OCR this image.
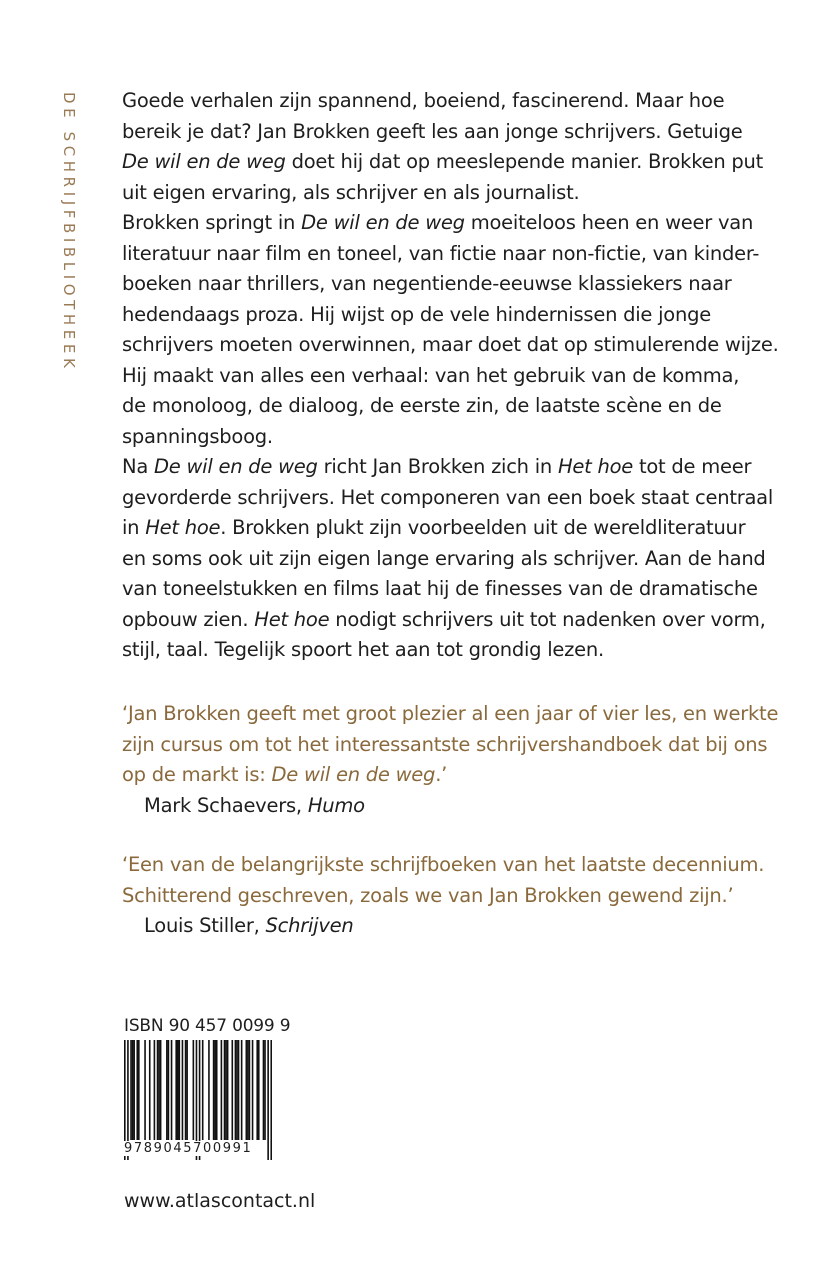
DE SCHRIJFBIBLIOTHEEK Goede verhalen zijn spannend, boeiend, fascinerend. Maar hoe
bereik je dat? Jan Brokken geeft les aan jonge schrijvers. Getuige
De wil en de weg doet hij dat op meeslepende manier. Brokken put
uit eigen ervaring, als schrijver en als journalist.
Brokken springt in De wil en de weg moeiteloos heen en weer van
literatuur naar film en toneel, van fictie naar non-fictie, van kinder-
boeken naar thrillers, van negentiende-eeuwse klassiekers naar
hedendaags proza. Hij wijst op de vele hindernissen die jonge
schrijvers moeten overwinnen, maar doet dat op stimulerende wijze.
Hij maakt van alles een verhaal: van het gebruik van de komma,
de monoloog, de dialoog, de eerste zin, de laatste scène en de
spanningsboog.
Na De wil en de weg richt Jan Brokken zich in Het hoe tot de meer
gevorderde schrijvers. Het componeren van een boek staat centraal
in Het hoe. Brokken plukt zijn voorbeelden uit de wereldliteratuur
en soms ook uit zijn eigen lange ervaring als schrijver. Aan de hand
van toneelstukken en films laat hij de finesses van de dramatische
opbouw zien. Het hoe nodigt schrijvers uit tot nadenken over vorm,
stijl, taal. Tegelijk spoort het aan tot grondig lezen.
‘Jan Brokken geeft met groot plezier al een jaar of vier les, en werkte
zijn cursus om tot het interessantste schrijvershandboek dat bij ons
op de markt is: De wil en de weg.’
Mark Schaevers, Humo
‘Een van de belangrijkste schrijfboeken van het laatste decennium.
Schitterend geschreven, zoals we van Jan Brokken gewend zijn.’
Louis Stiller, Schrijven
ISBN 90 457 0099 9
9789045700991
www.atlascontact.nl
